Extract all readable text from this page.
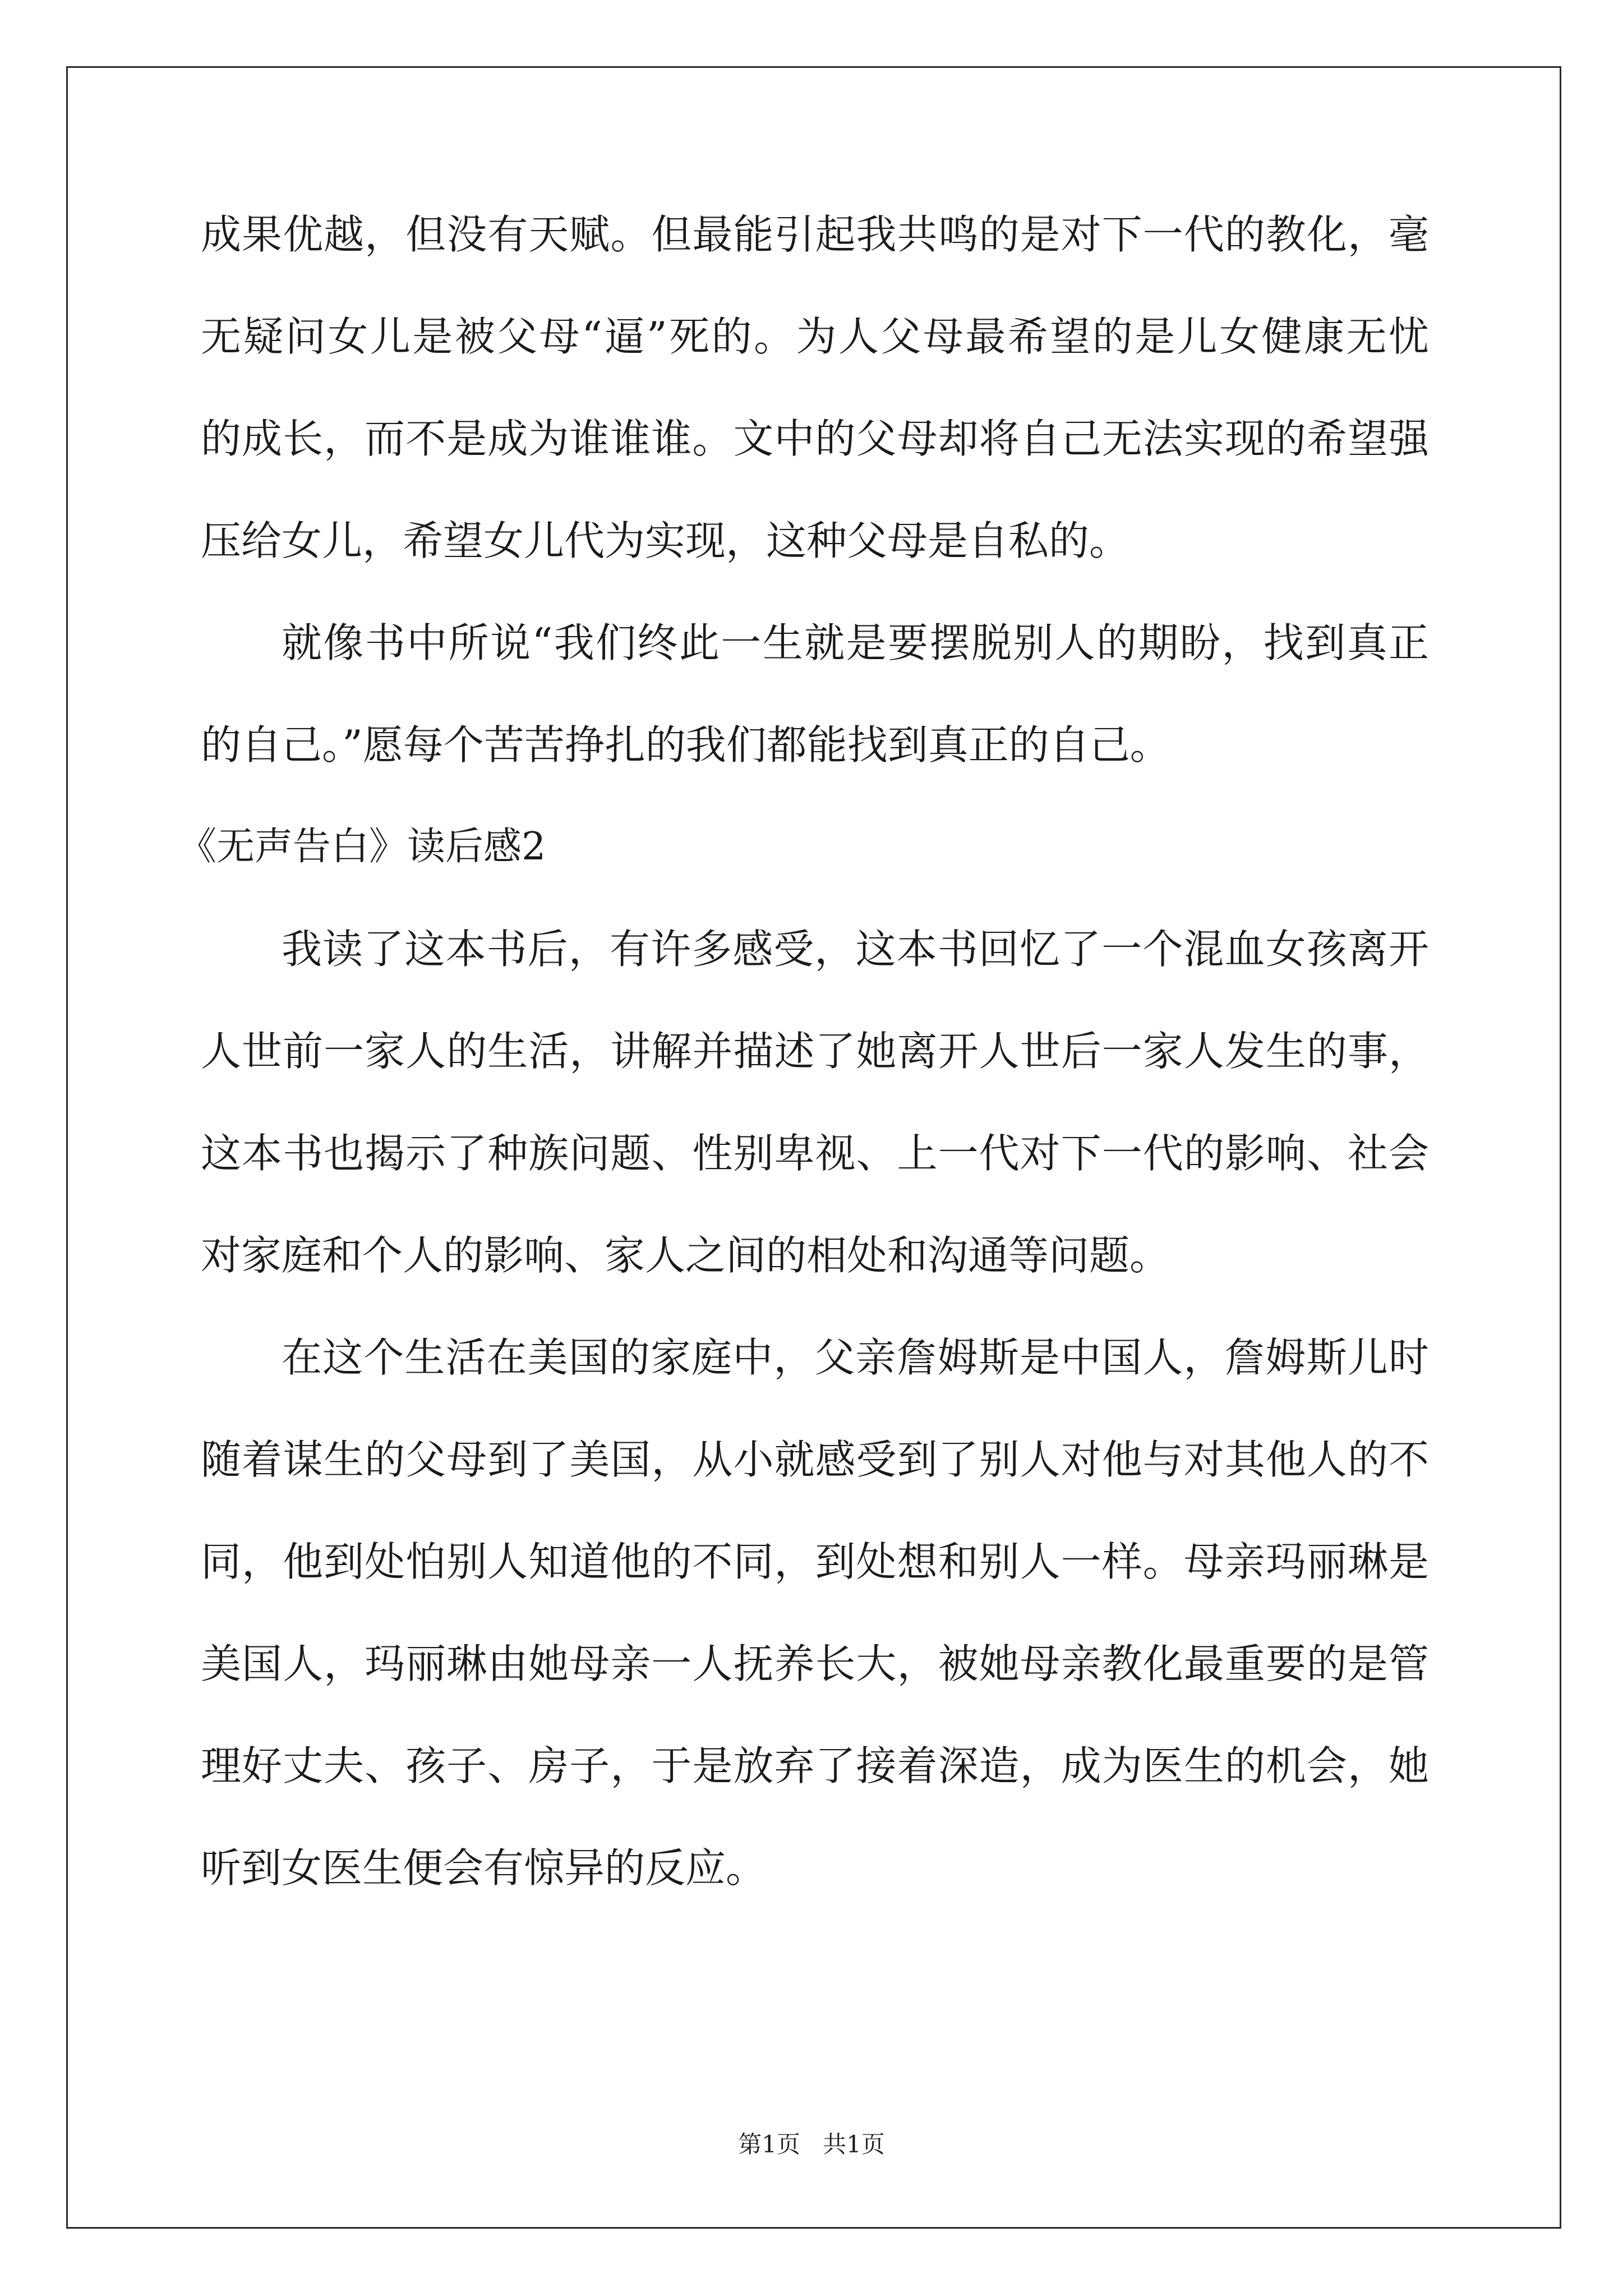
成果优越，但没有天赋。但最能引起我共鸣的是对下一代的教化，毫
无疑问女儿是被父母“逼”死的。为人父母最希望的是儿女健康无忧
的成长，而不是成为谁谁谁。文中的父母却将自己无法实现的希望强
压给女儿，希望女儿代为实现，这种父母是自私的。
就像书中所说“我们终此一生就是要摆脱别人的期盼，找到真正
的自己。”愿每个苦苦挣扎的我们都能找到真正的自己。
《无声告白》读后感2
我读了这本书后，有许多感受，这本书回忆了一个混血女孩离开
人世前一家人的生活，讲解并描述了她离开人世后一家人发生的事，
这本书也揭示了种族问题、性别卑视、上一代对下一代的影响、社会
对家庭和个人的影响、家人之间的相处和沟通等问题。
在这个生活在美国的家庭中，父亲詹姆斯是中国人，詹姆斯儿时
随着谋生的父母到了美国，从小就感受到了别人对他与对其他人的不
同，他到处怕别人知道他的不同，到处想和别人一样。母亲玛丽琳是
美国人，玛丽琳由她母亲一人抚养长大，被她母亲教化最重要的是管
理好丈夫、孩子、房子，于是放弃了接着深造，成为医生的机会，她
听到女医生便会有惊异的反应。
第1页   共1页
